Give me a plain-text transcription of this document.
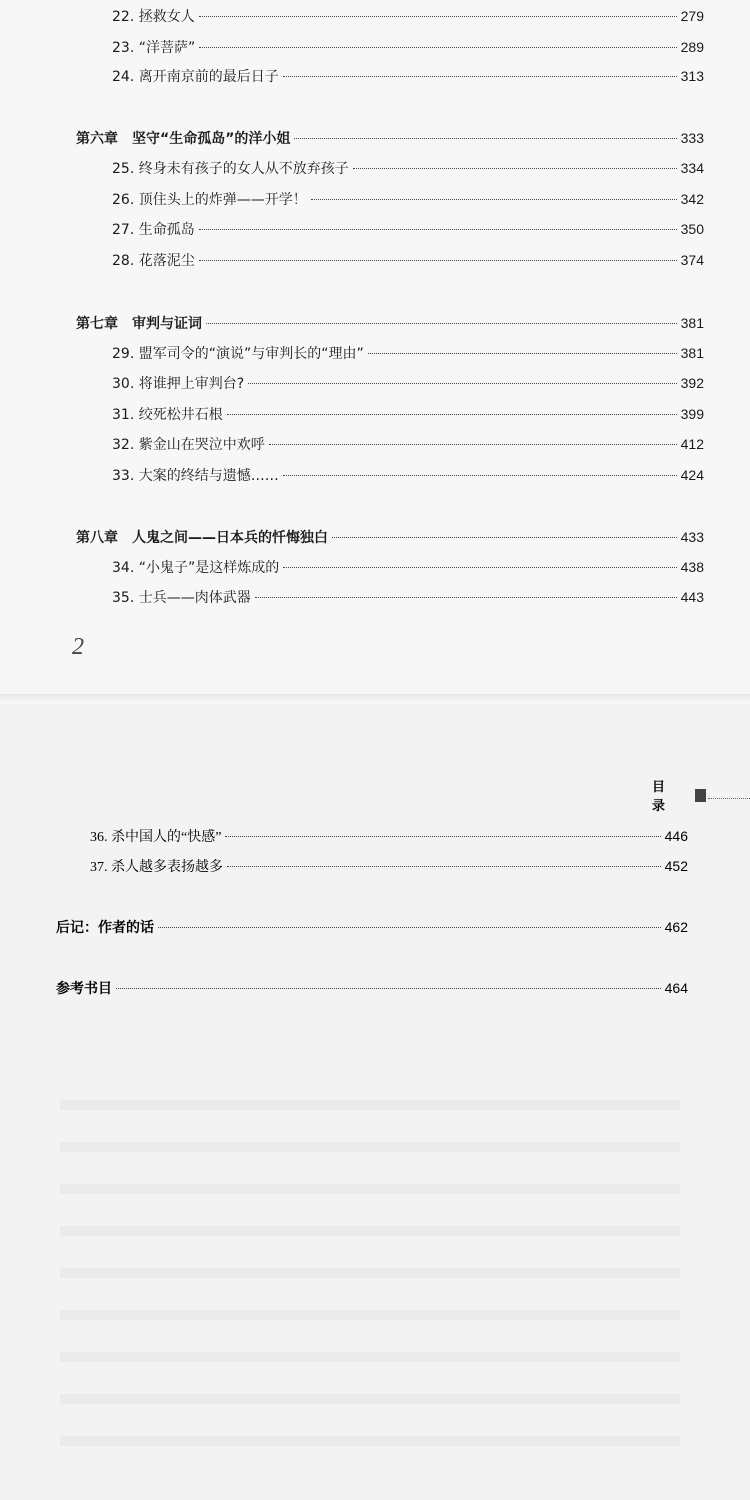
22. 拯救女人	279
23. “洋菩萨”	289
24. 离开南京前的最后日子	313
第六章　坚守“生命孤岛”的洋小姐	333
25. 终身未有孩子的女人从不放弃孩子	334
26. 顶住头上的炸弹——开学！	342
27. 生命孤岛	350
28. 花落泥尘	374
第七章　审判与证词	381
29. 盟军司令的“演说”与审判长的“理由”	381
30. 将谁押上审判台?	392
31. 绞死松井石根	399
32. 紫金山在哭泣中欢呼	412
33. 大案的终结与遗憾……	424
第八章　人鬼之间——日本兵的忏悔独白	433
34. “小鬼子”是这样炼成的	438
35. 士兵——肉体武器	443
2
目 录
36. 杀中国人的“快感”	446
37. 杀人越多表扬越多	452
后记：作者的话	462
参考书目	464
